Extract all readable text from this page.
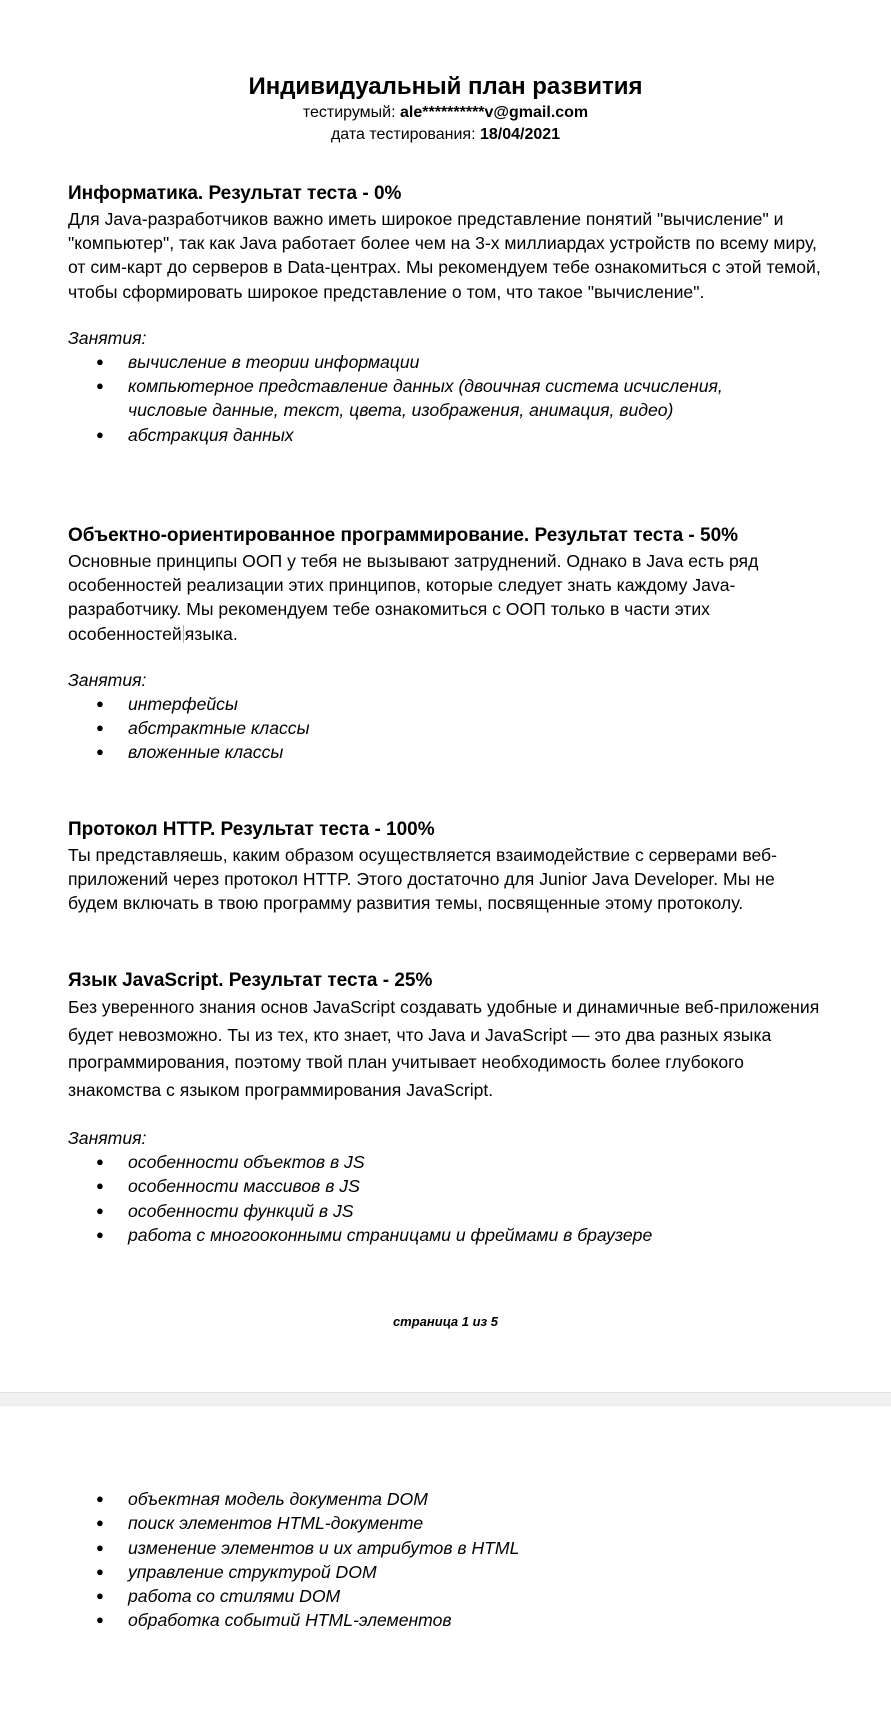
Индивидуальный план развития
тестирумый: ale**********v@gmail.com
дата тестирования: 18/04/2021
Информатика. Результат теста - 0%

Для Java-разработчиков важно иметь широкое представление понятий "вычисление" и "компьютер", так как Java работает более чем на 3-х миллиардах устройств по всему миру, от сим-карт до серверов в Data-центрах. Мы рекомендуем тебе ознакомиться с этой темой, чтобы сформировать широкое представление о том, что такое "вычисление".

Занятия:

● вычисление в теории информации
● компьютерное представление данных (двоичная система исчисления, числовые данные, текст, цвета, изображения, анимация, видео)
● абстракция данных
Объектно-ориентированное программирование. Результат теста - 50%

Основные принципы ООП у тебя не вызывают затруднений. Однако в Java есть ряд особенностей реализации этих принципов, которые следует знать каждому Java-разработчику. Мы рекомендуем тебе ознакомиться с ООП только в части этих особенностей языка.

Занятия:

● интерфейсы
● абстрактные классы
● вложенные классы
Протокол HTTP. Результат теста - 100%

Ты представляешь, каким образом осуществляется взаимодействие с серверами веб-приложений через протокол HTTP. Этого достаточно для Junior Java Developer. Мы не будем включать в твою программу развития темы, посвященные этому протоколу.

Язык JavaScript. Результат теста - 25%

Без уверенного знания основ JavaScript создавать удобные и динамичные веб-приложения будет невозможно. Ты из тех, кто знает, что Java и JavaScript — это два разных языка программирования, поэтому твой план учитывает необходимость более глубокого знакомства с языком программирования JavaScript.

Занятия:

● особенности объектов в JS
● особенности массивов в JS
● особенности функций в JS
● работа с многооконными страницами и фреймами в браузере
страница 1 из 5
● объектная модель документа DOM
● поиск элементов HTML-документе
● изменение элементов и их атрибутов в HTML
● управление структурой DOM
● работа со стилями DOM
● обработка событий HTML-элементов
